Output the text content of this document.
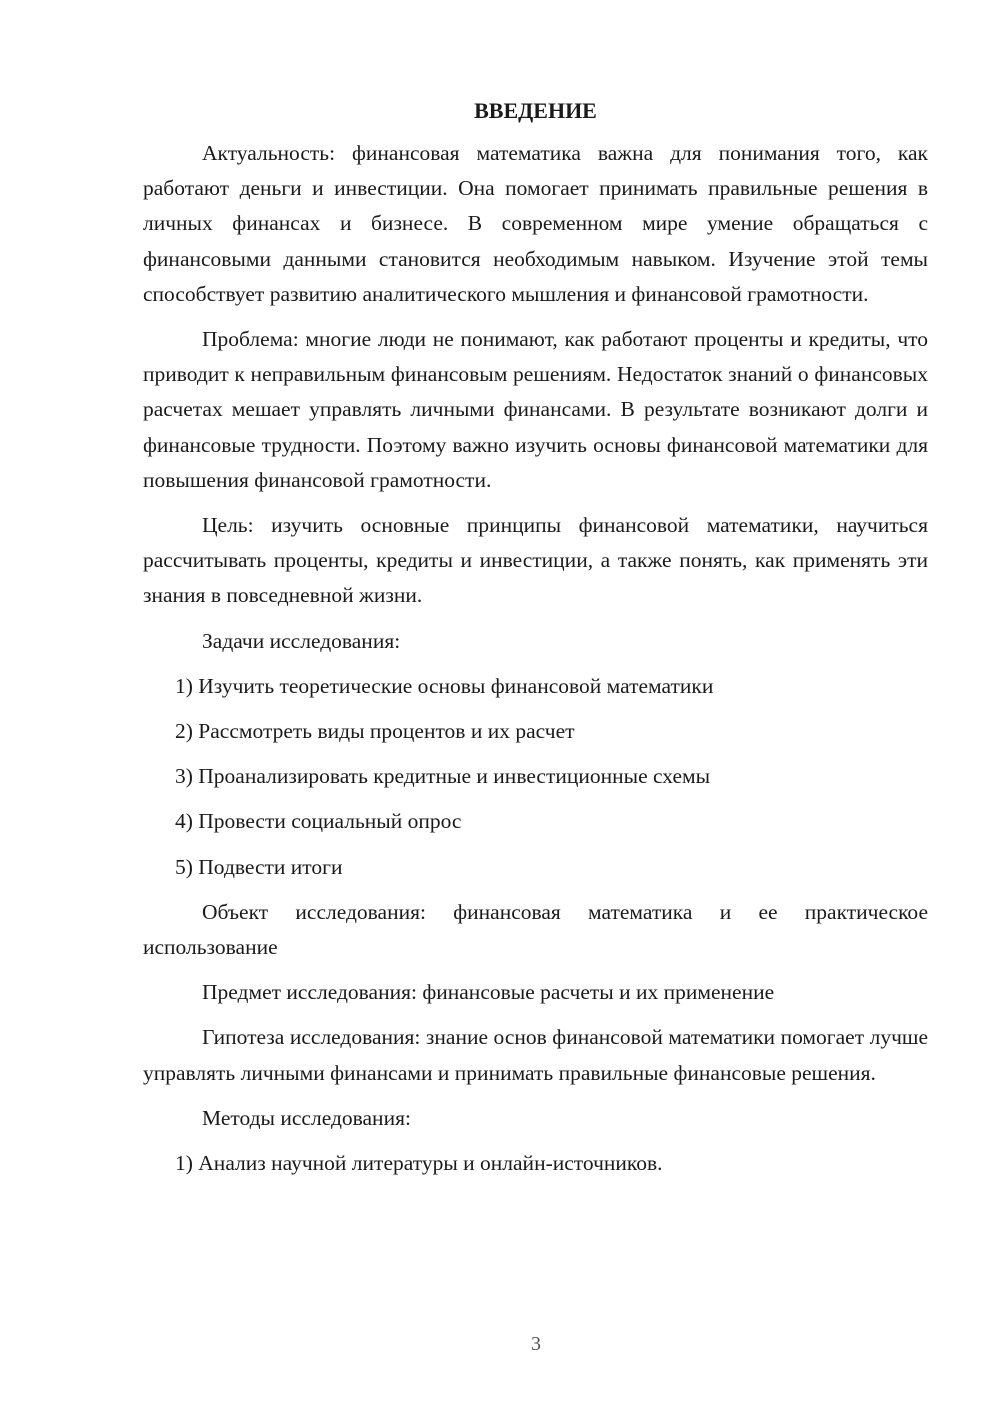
ВВЕДЕНИЕ

Актуальность: финансовая математика важна для понимания того, как работают деньги и инвестиции. Она помогает принимать правильные решения в личных финансах и бизнесе. В современном мире умение обращаться с финансовыми данными становится необходимым навыком. Изучение этой темы способствует развитию аналитического мышления и финансовой грамотности.

Проблема: многие люди не понимают, как работают проценты и кредиты, что приводит к неправильным финансовым решениям. Недостаток знаний о финансовых расчетах мешает управлять личными финансами. В результате возникают долги и финансовые трудности. Поэтому важно изучить основы финансовой математики для повышения финансовой грамотности.

Цель: изучить основные принципы финансовой математики, научиться рассчитывать проценты, кредиты и инвестиции, а также понять, как применять эти знания в повседневной жизни.

Задачи исследования:

1) Изучить теоретические основы финансовой математики

2) Рассмотреть виды процентов и их расчет

3) Проанализировать кредитные и инвестиционные схемы

4) Провести социальный опрос

5) Подвести итоги

Объект исследования: финансовая математика и ее практическое использование

Предмет исследования: финансовые расчеты и их применение

Гипотеза исследования: знание основ финансовой математики помогает лучше управлять личными финансами и принимать правильные финансовые решения.

Методы исследования:

1) Анализ научной литературы и онлайн-источников.

3
